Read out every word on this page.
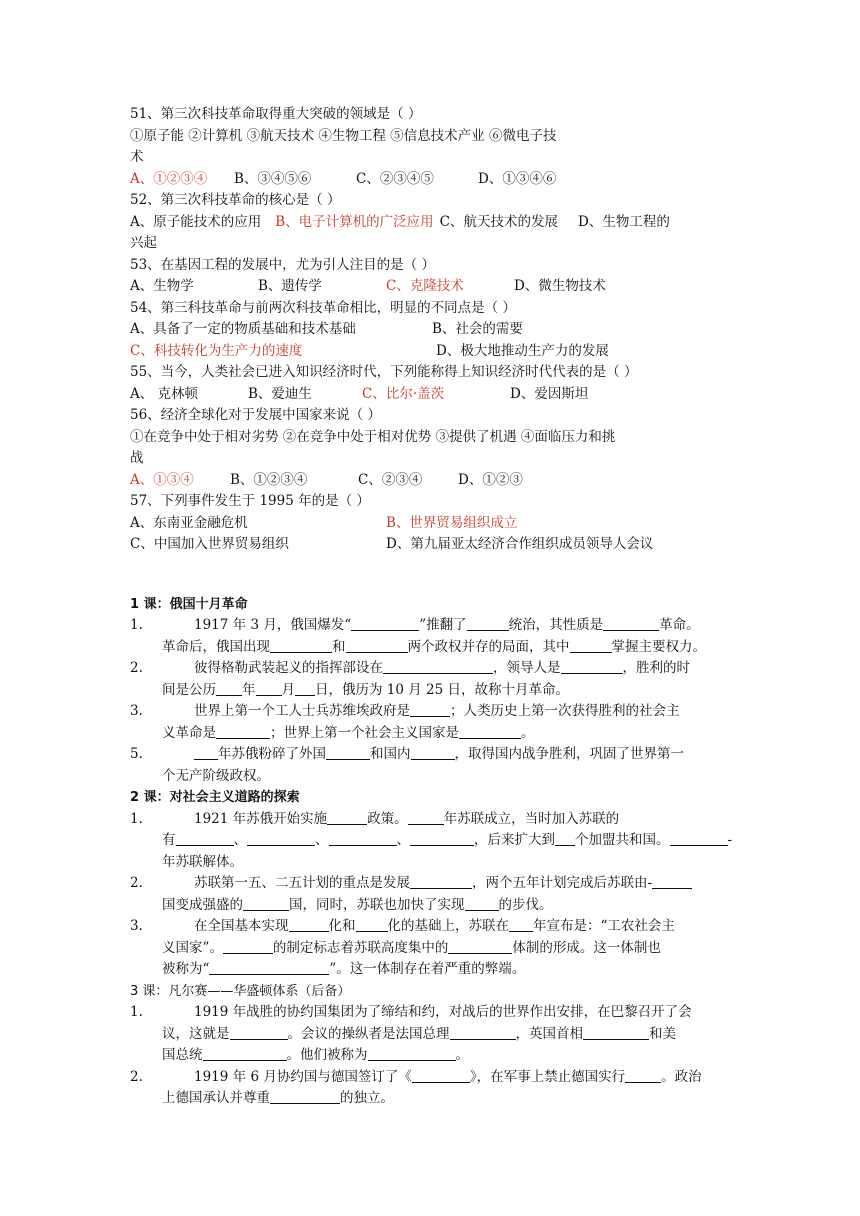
51、第三次科技革命取得重大突破的领域是（ ）
①原子能 ②计算机 ③航天技术 ④生物工程 ⑤信息技术产业 ⑥微电子技
术
A、①②③④ B、③④⑤⑥	C、②③④⑤	D、①③④⑥
52、第三次科技革命的核心是（ ）
A、原子能技术的应用 B、电子计算机的广泛应用 C、航天技术的发展 D、生物工程的
兴起
53、在基因工程的发展中，尤为引人注目的是（ ）
A、生物学	B、遗传学	C、克隆技术	D、微生物技术
54、第三科技革命与前两次科技革命相比，明显的不同点是（ ）
A、具备了一定的物质基础和技术基础	B、社会的需要
C、科技转化为生产力的速度	D、极大地推动生产力的发展
55、当今，人类社会已进入知识经济时代，下列能称得上知识经济时代代表的是（ ）
A、 克林顿	B、爱迪生	C、比尔·盖茨	D、爱因斯坦
56、经济全球化对于发展中国家来说（ ）
①在竞争中处于相对劣势 ②在竞争中处于相对优势 ③提供了机遇 ④面临压力和挑
战
A、①③④	B、①②③④	C、②③④	D、①②③
57、下列事件发生于 1995 年的是（ ）
A、东南亚金融危机	B、世界贸易组织成立
C、中国加入世界贸易组织	D、第九届亚太经济合作组织成员领导人会议
1 课：俄国十月革命
1.	1917 年 3 月，俄国爆发“	”推翻了	统治，其性质是	革命。
革命后，俄国出现	和	两个政权并存的局面，其中	掌握主要权力。
2.	彼得格勒武装起义的指挥部设在	，领导人是	，胜利的时
间是公历 年 月 日，俄历为 10 月 25 日，故称十月革命。
3.	世界上第一个工人士兵苏维埃政府是	；人类历史上第一次获得胜利的社会主
义革命是	；世界上第一个社会主义国家是	。
5.	年苏俄粉碎了外国	和国内	，取得国内战争胜利，巩固了世界第一
个无产阶级政权。
2 课：对社会主义道路的探索
1.	1921 年苏俄开始实施	政策。	年苏联成立，当时加入苏联的
有	、	、	、	，后来扩大到 个加盟共和国。	-
年苏联解体。
2.	苏联第一五、二五计划的重点是发展	，两个五年计划完成后苏联由-
国变成强盛的	国，同时，苏联也加快了实现	的步伐。
3.	在全国基本实现	化和 化的基础上，苏联在 年宣布是：“工农社会主
义国家”。	的制定标志着苏联高度集中的	体制的形成。这一体制也
被称为“	”。这一体制存在着严重的弊端。
3 课：凡尔赛——华盛顿体系（后备）
1.	1919 年战胜的协约国集团为了缔结和约，对战后的世界作出安排，在巴黎召开了会
议，这就是	。会议的操纵者是法国总理	，英国首相	和美
国总统	。他们被称为	。
2.	1919 年 6 月协约国与德国签订了《	》，在军事上禁止德国实行	。政治
上德国承认并尊重	的独立。
